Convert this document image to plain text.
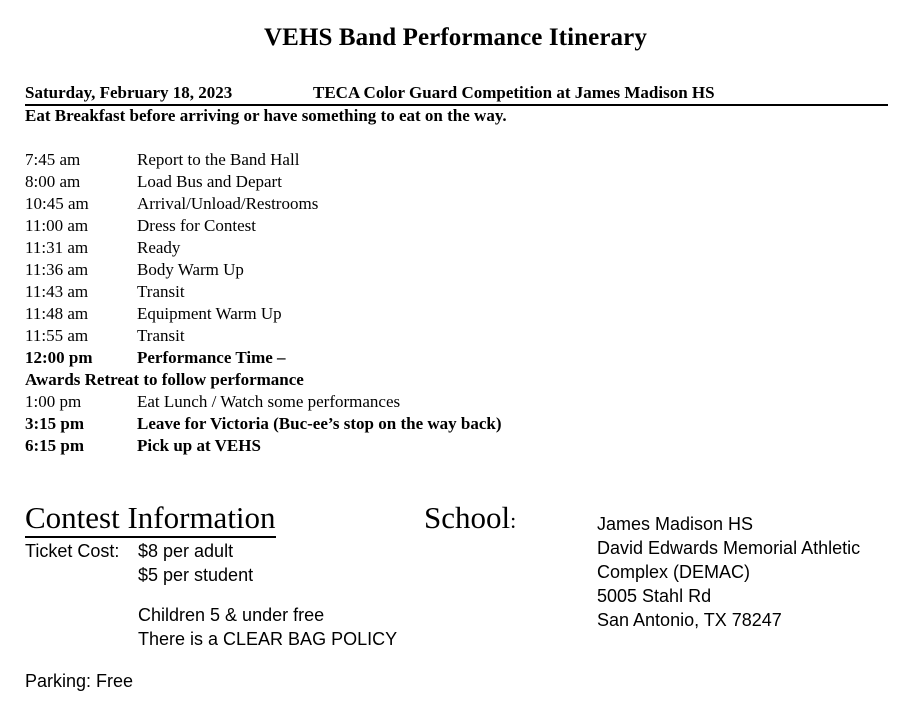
VEHS Band Performance Itinerary
Saturday, February 18, 2023	TECA Color Guard Competition at James Madison HS
Eat Breakfast before arriving or have something to eat on the way.
7:45 am	Report to the Band Hall
8:00 am	Load Bus and Depart
10:45 am	Arrival/Unload/Restrooms
11:00 am	Dress for Contest
11:31 am	Ready
11:36 am	Body Warm Up
11:43 am	Transit
11:48 am	Equipment Warm Up
11:55 am	Transit
12:00 pm	Performance Time –
Awards Retreat to follow performance
1:00 pm	Eat Lunch / Watch some performances
3:15 pm	Leave for Victoria (Buc-ee’s stop on the way back)
6:15 pm	Pick up at VEHS
Contest Information	School:
Ticket Cost: $8 per adult
$5 per student
Children 5 & under free
There is a CLEAR BAG POLICY
Parking: Free
James Madison HS
David Edwards Memorial Athletic
Complex (DEMAC)
5005 Stahl Rd
San Antonio, TX 78247
